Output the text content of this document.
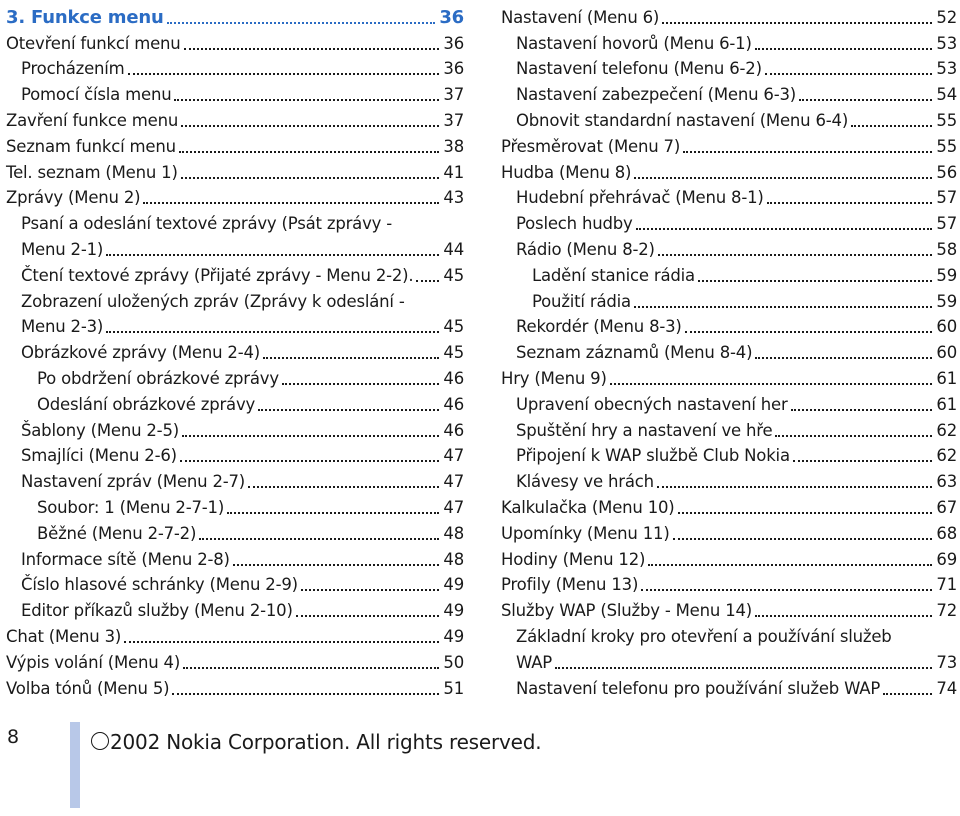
3. Funkce menu	36
Otevření funkcí menu	36
Procházením	36
Pomocí čísla menu	37
Zavření funkce menu	37
Seznam funkcí menu	38
Tel. seznam (Menu 1)	41
Zprávy (Menu 2)	43
Psaní a odeslání textové zprávy (Psát zprávy -
Menu 2-1)	44
Čtení textové zprávy (Přijaté zprávy - Menu 2-2). 45
Zobrazení uložených zpráv (Zprávy k odeslání -
Menu 2-3)	45
Obrázkové zprávy (Menu 2-4)	45
Po obdržení obrázkové zprávy	46
Odeslání obrázkové zprávy	46
Šablony (Menu 2-5)	46
Smajlíci (Menu 2-6)	47
Nastavení zpráv (Menu 2-7)	47
Soubor: 1 (Menu 2-7-1)	47
Běžné (Menu 2-7-2)	48
Informace sítě (Menu 2-8)	48
Číslo hlasové schránky (Menu 2-9)	49
Editor příkazů služby (Menu 2-10)	49
Chat (Menu 3)	49
Výpis volání (Menu 4)	50
Volba tónů (Menu 5)	51
Nastavení (Menu 6)	52
Nastavení hovorů (Menu 6-1)	53
Nastavení telefonu (Menu 6-2)	53
Nastavení zabezpečení (Menu 6-3)	54
Obnovit standardní nastavení (Menu 6-4)	55
Přesměrovat (Menu 7)	55
Hudba (Menu 8)	56
Hudební přehrávač (Menu 8-1)	57
Poslech hudby	57
Rádio (Menu 8-2)	58
Ladění stanice rádia	59
Použití rádia	59
Rekordér (Menu 8-3)	60
Seznam záznamů (Menu 8-4)	60
Hry (Menu 9)	61
Upravení obecných nastavení her	61
Spuštění hry a nastavení ve hře	62
Připojení k WAP službě Club Nokia	62
Klávesy ve hrách	63
Kalkulačka (Menu 10)	67
Upomínky (Menu 11)	68
Hodiny (Menu 12)	69
Profily (Menu 13)	71
Služby WAP (Služby - Menu 14)	72
Základní kroky pro otevření a používání služeb
WAP	73
Nastavení telefonu pro používání služeb WAP	74
8	2002 Nokia Corporation. All rights reserved.
